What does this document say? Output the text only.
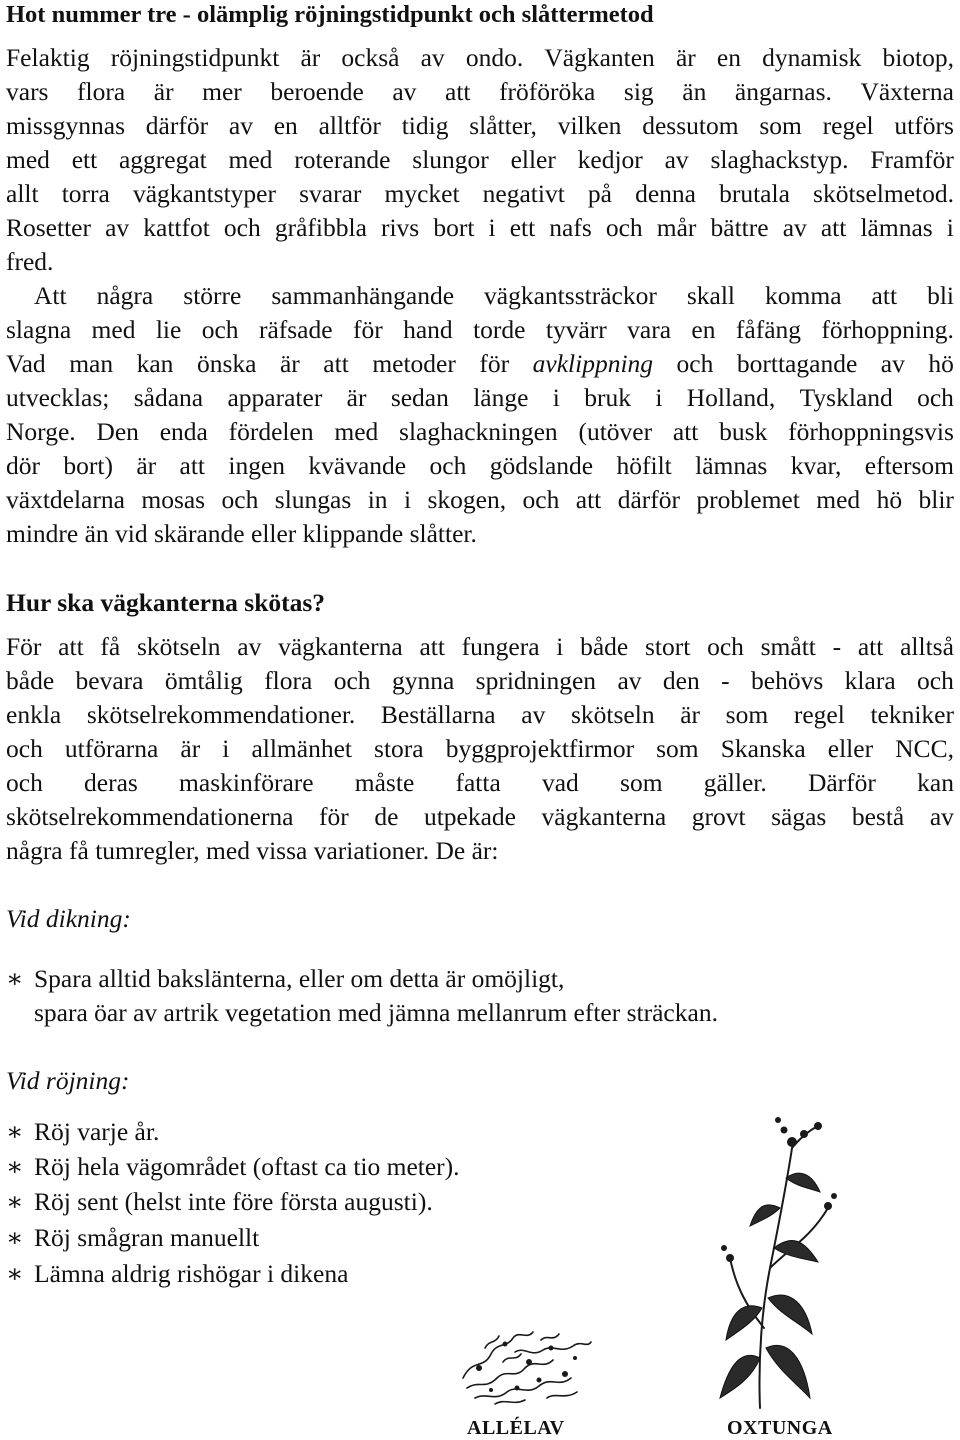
Hot nummer tre - olämplig röjningstidpunkt och slåttermetod
Felaktig röjningstidpunkt är också av ondo. Vägkanten är en dynamisk biotop,
vars flora är mer beroende av att fröföröka sig än ängarnas. Växterna
missgynnas därför av en alltför tidig slåtter, vilken dessutom som regel utförs
med ett aggregat med roterande slungor eller kedjor av slaghackstyp. Framför
allt torra vägkantstyper svarar mycket negativt på denna brutala skötselmetod.
Rosetter av kattfot och gråfibbla rivs bort i ett nafs och mår bättre av att lämnas i
fred.
Att några större sammanhängande vägkantssträckor skall komma att bli
slagna med lie och räfsade för hand torde tyvärr vara en fåfäng förhoppning.
Vad man kan önska är att metoder för avklippning och borttagande av hö
utvecklas; sådana apparater är sedan länge i bruk i Holland, Tyskland och
Norge. Den enda fördelen med slaghackningen (utöver att busk förhoppningsvis
dör bort) är att ingen kvävande och gödslande höfilt lämnas kvar, eftersom
växtdelarna mosas och slungas in i skogen, och att därför problemet med hö blir
mindre än vid skärande eller klippande slåtter.
Hur ska vägkanterna skötas?
För att få skötseln av vägkanterna att fungera i både stort och smått - att alltså
både bevara ömtålig flora och gynna spridningen av den - behövs klara och
enkla skötselrekommendationer. Beställarna av skötseln är som regel tekniker
och utförarna är i allmänhet stora byggprojektfirmor som Skanska eller NCC,
och deras maskinförare måste fatta vad som gäller. Därför kan
skötselrekommendationerna för de utpekade vägkanterna grovt sägas bestå av
några få tumregler, med vissa variationer. De är:
Vid dikning:
∗ Spara alltid bakslänterna, eller om detta är omöjligt,
spara öar av artrik vegetation med jämna mellanrum efter sträckan.
Vid röjning:
∗ Röj varje år.
∗ Röj hela vägområdet (oftast ca tio meter).
∗ Röj sent (helst inte före första augusti).
∗ Röj smågran manuellt
∗ Lämna aldrig rishögar i dikena
ALLÉLAV	OXTUNGA
